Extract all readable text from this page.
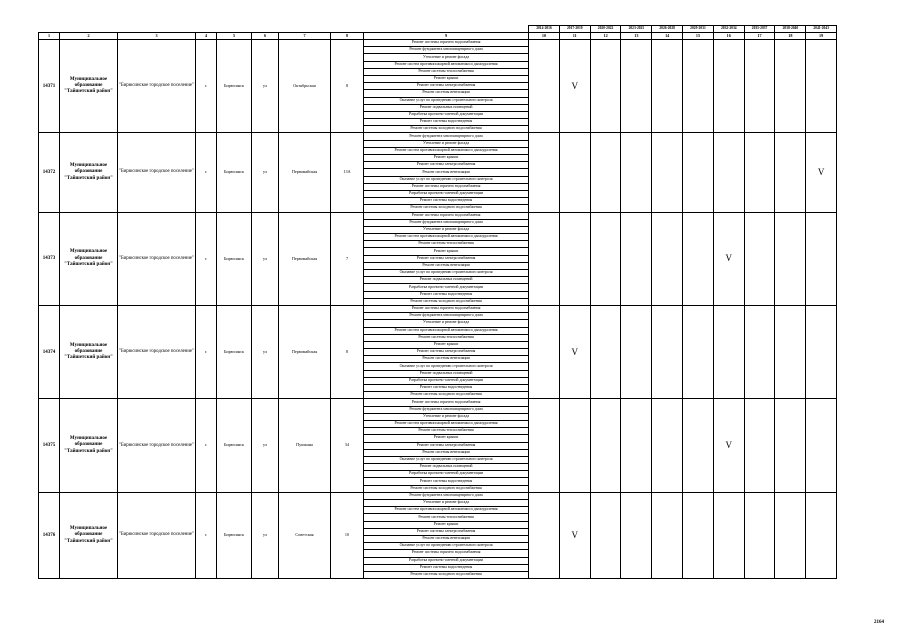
									2014-2016	2017-2019	2020-2022	2023-2025	2026-2028	2029-2031	2032-2034	2035-2037	2038-2040	2041-2043
1	2	3	4	5	6	7	8	9	10	11	12	13	14	15	16	17	18	19
14371	Муниципальное образование "Тайшетский район"	"Бирюсинское городское поселение"	г.	Бирюсинск	ул	Октябрьская	8	Ремонт системы горячего водоснабжения		V								
								Ремонт фундамента многоквартирного дома										
								Утепление и ремонт фасада										
								Ремонт систем противопожарной автоматики и дымоудаления										
								Ремонт системы теплоснабжения										
								Ремонт крыши										
								Ремонт системы электроснабжения										
								Ремонт системы вентиляции										
								Оказание услуг по проведению строительного контроля										
								Ремонт подвальных помещений										
								Разработка проектно-сметной документации										
								Ремонт системы водоотведения										
								Ремонт системы холодного водоснабжения										
14372	Муниципальное образование "Тайшетский район"	"Бирюсинское городское поселение"	г.	Бирюсинск	ул	Первомайская	13А	Ремонт фундамента многоквартирного дома										V
								Утепление и ремонт фасада										
								Ремонт систем противопожарной автоматики и дымоудаления										
								Ремонт крыши										
								Ремонт системы электроснабжения										
								Ремонт системы вентиляции										
								Оказание услуг по проведению строительного контроля										
								Ремонт системы горячего водоснабжения										
								Разработка проектно-сметной документации										
								Ремонт системы водоотведения										
								Ремонт системы холодного водоснабжения										
14373	Муниципальное образование "Тайшетский район"	"Бирюсинское городское поселение"	г.	Бирюсинск	ул	Первомайская	7	Ремонт системы горячего водоснабжения							V			
								Ремонт фундамента многоквартирного дома										
								Утепление и ремонт фасада										
								Ремонт систем противопожарной автоматики и дымоудаления										
								Ремонт системы теплоснабжения										
								Ремонт крыши										
								Ремонт системы электроснабжения										
								Ремонт системы вентиляции										
								Оказание услуг по проведению строительного контроля										
								Ремонт подвальных помещений										
								Разработка проектно-сметной документации										
								Ремонт системы водоотведения										
								Ремонт системы холодного водоснабжения										
14374	Муниципальное образование "Тайшетский район"	"Бирюсинское городское поселение"	г.	Бирюсинск	ул	Первомайская	8	Ремонт системы горячего водоснабжения		V								
								Ремонт фундамента многоквартирного дома										
								Утепление и ремонт фасада										
								Ремонт систем противопожарной автоматики и дымоудаления										
								Ремонт системы теплоснабжения										
								Ремонт крыши										
								Ремонт системы электроснабжения										
								Ремонт системы вентиляции										
								Оказание услуг по проведению строительного контроля										
								Ремонт подвальных помещений										
								Разработка проектно-сметной документации										
								Ремонт системы водоотведения										
								Ремонт системы холодного водоснабжения										
14375	Муниципальное образование "Тайшетский район"	"Бирюсинское городское поселение"	г.	Бирюсинск	ул	Пушкина	34	Ремонт системы горячего водоснабжения							V			
								Ремонт фундамента многоквартирного дома										
								Утепление и ремонт фасада										
								Ремонт систем противопожарной автоматики и дымоудаления										
								Ремонт системы теплоснабжения										
								Ремонт крыши										
								Ремонт системы электроснабжения										
								Ремонт системы вентиляции										
								Оказание услуг по проведению строительного контроля										
								Ремонт подвальных помещений										
								Разработка проектно-сметной документации										
								Ремонт системы водоотведения										
								Ремонт системы холодного водоснабжения										
14376	Муниципальное образование "Тайшетский район"	"Бирюсинское городское поселение"	г.	Бирюсинск	ул	Советская	10	Ремонт фундамента многоквартирного дома		V								
								Утепление и ремонт фасада										
								Ремонт систем противопожарной автоматики и дымоудаления										
								Ремонт системы теплоснабжения										
								Ремонт крыши										
								Ремонт системы электроснабжения										
								Ремонт системы вентиляции										
								Оказание услуг по проведению строительного контроля										
								Ремонт системы горячего водоснабжения										
								Разработка проектно-сметной документации										
								Ремонт системы водоотведения										
								Ремонт системы холодного водоснабжения										
2164
